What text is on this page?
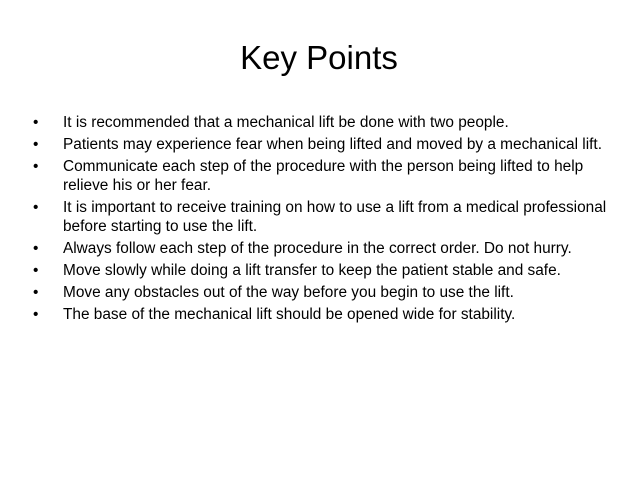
Key Points
•	It is recommended that a mechanical lift be done with two people.
•	Patients may experience fear when being lifted and moved by a mechanical lift.
•	Communicate each step of the procedure with the person being lifted to help relieve his or her fear.
•	It is important to receive training on how to use a lift from a medical professional before starting to use the lift.
•	Always follow each step of the procedure in the correct order. Do not hurry.
•	Move slowly while doing a lift transfer to keep the patient stable and safe.
•	Move any obstacles out of the way before you begin to use the lift.
•	The base of the mechanical lift should be opened wide for stability.
